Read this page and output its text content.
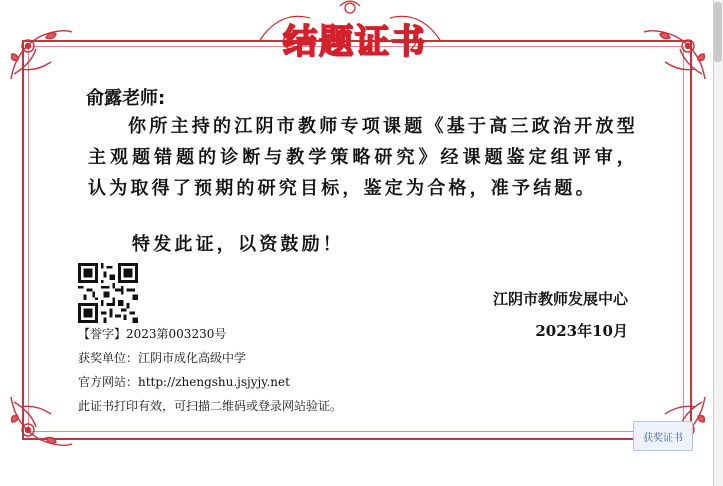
结题证书
俞露老师:

你所主持的江阴市教师专项课题《基于高三政治开放型主观题错题的诊断与教学策略研究》经课题鉴定组评审，认为取得了预期的研究目标，鉴定为合格，准予结题。

特发此证，以资鼓励！
江阴市教师发展中心
2023年10月
【誉字】2023第003230号
获奖单位：江阴市成化高级中学
官方网站：http://zhengshu.jsjyjy.net
此证书打印有效，可扫描二维码或登录网站验证。
获奖证书
